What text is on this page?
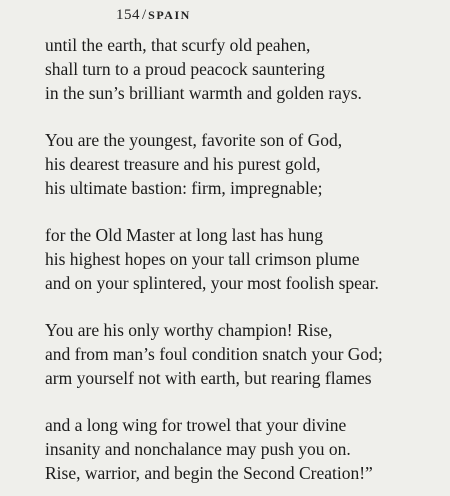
154 / SPAIN
until the earth, that scurfy old peahen,
shall turn to a proud peacock sauntering
in the sun’s brilliant warmth and golden rays.
You are the youngest, favorite son of God,
his dearest treasure and his purest gold,
his ultimate bastion: firm, impregnable;
for the Old Master at long last has hung
his highest hopes on your tall crimson plume
and on your splintered, your most foolish spear.
You are his only worthy champion! Rise,
and from man’s foul condition snatch your God;
arm yourself not with earth, but rearing flames
and a long wing for trowel that your divine
insanity and nonchalance may push you on.
Rise, warrior, and begin the Second Creation!”
